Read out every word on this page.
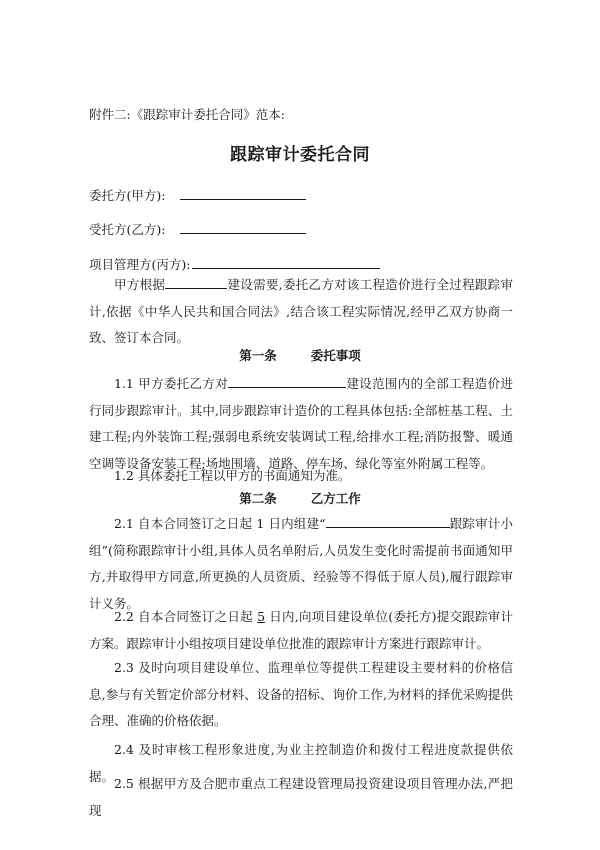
附件二:《跟踪审计委托合同》范本:

跟踪审计委托合同

委托方(甲方):

受托方(乙方):

项目管理方(丙方):

甲方根据	建设需要,委托乙方对该工程造价进行全过程跟踪审计,依据《中华人民共和国合同法》,结合该工程实际情况,经甲乙双方协商一致、签订本合同。

第一条	委托事项

1.1 甲方委托乙方对	建设范围内的全部工程造价进行同步跟踪审计。其中,同步跟踪审计造价的工程具体包括:全部桩基工程、土建工程;内外装饰工程;强弱电系统安装调试工程,给排水工程;消防报警、暖通空调等设备安装工程;场地围墙、道路、停车场、绿化等室外附属工程等。

1.2 具体委托工程以甲方的书面通知为准。

第二条	乙方工作

2.1 自本合同签订之日起 1 日内组建“	跟踪审计小组”(简称跟踪审计小组,具体人员名单附后,人员发生变化时需提前书面通知甲方,并取得甲方同意,所更换的人员资质、经验等不得低于原人员),履行跟踪审计义务。

2.2 自本合同签订之日起 5 日内,向项目建设单位(委托方)提交跟踪审计方案。跟踪审计小组按项目建设单位批准的跟踪审计方案进行跟踪审计。

2.3 及时向项目建设单位、监理单位等提供工程建设主要材料的价格信息,参与有关暂定价部分材料、设备的招标、询价工作,为材料的择优采购提供合理、准确的价格依据。

2.4 及时审核工程形象进度,为业主控制造价和拨付工程进度款提供依据。 2.5 根据甲方及合肥市重点工程建设管理局投资建设项目管理办法,严把现
